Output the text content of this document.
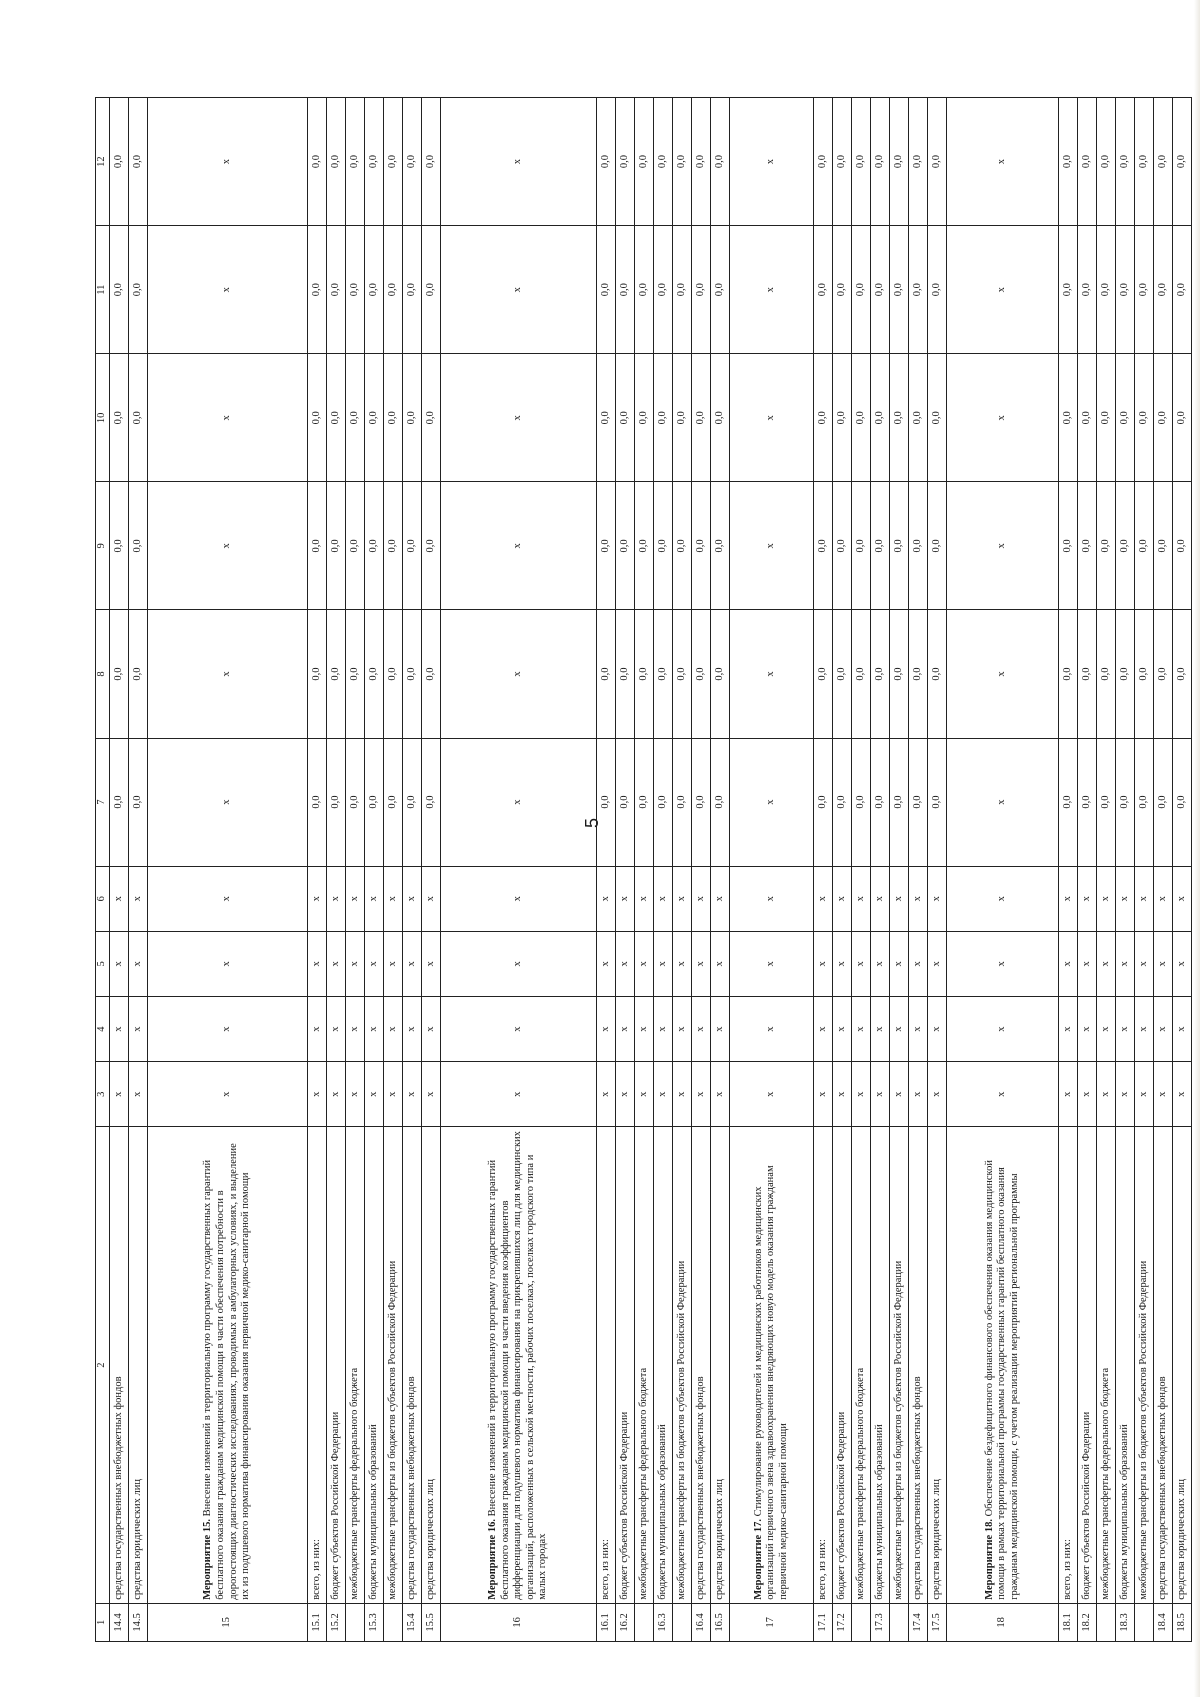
5
1	2	3	4	5	6	7	8	9	10	11	12
14.4	средства государственных внебюджетных фондов	x	x	x	x	0,0	0,0	0,0	0,0	0,0	0,0
14.5	средства юридических лиц	x	x	x	x	0,0	0,0	0,0	0,0	0,0	0,0
15	Мероприятие 15. Внесение изменений в территориальную программу государственных гарантий бесплатного оказания гражданам медицинской помощи в части обеспечения потребности в дорогостоящих диагностических исследованиях, проводимых в амбулаторных условиях, и выделение их из подушевого норматива финансирования оказания первичной медико-санитарной помощи	x	x	x	x	x	x	x	x	x	x
15.1	всего, из них:	x	x	x	x	0,0	0,0	0,0	0,0	0,0	0,0
15.2	бюджет субъектов Российской Федерации	x	x	x	x	0,0	0,0	0,0	0,0	0,0	0,0
	межбюджетные трансферты федерального бюджета	x	x	x	x	0,0	0,0	0,0	0,0	0,0	0,0
15.3	бюджеты муниципальных образований	x	x	x	x	0,0	0,0	0,0	0,0	0,0	0,0
	межбюджетные трансферты из бюджетов субъектов Российской Федерации	x	x	x	x	0,0	0,0	0,0	0,0	0,0	0,0
15.4	средства государственных внебюджетных фондов	x	x	x	x	0,0	0,0	0,0	0,0	0,0	0,0
15.5	средства юридических лиц	x	x	x	x	0,0	0,0	0,0	0,0	0,0	0,0
16	Мероприятие 16. Внесение изменений в территориальную программу государственных гарантий бесплатного оказания гражданам медицинской помощи в части введения коэффициентов дифференциации для подушевого норматива финансирования на прикрепившихся лиц для медицинских организаций, расположенных в сельской местности, рабочих поселках, поселках городского типа и малых городах	x	x	x	x	x	x	x	x	x	x
16.1	всего, из них:	x	x	x	x	0,0	0,0	0,0	0,0	0,0	0,0
16.2	бюджет субъектов Российской Федерации	x	x	x	x	0,0	0,0	0,0	0,0	0,0	0,0
	межбюджетные трансферты федерального бюджета	x	x	x	x	0,0	0,0	0,0	0,0	0,0	0,0
16.3	бюджеты муниципальных образований	x	x	x	x	0,0	0,0	0,0	0,0	0,0	0,0
	межбюджетные трансферты из бюджетов субъектов Российской Федерации	x	x	x	x	0,0	0,0	0,0	0,0	0,0	0,0
16.4	средства государственных внебюджетных фондов	x	x	x	x	0,0	0,0	0,0	0,0	0,0	0,0
16.5	средства юридических лиц	x	x	x	x	0,0	0,0	0,0	0,0	0,0	0,0
17	Мероприятие 17. Стимулирование руководителей и медицинских работников медицинских организаций первичного звена здравоохранения внедряющих новую модель оказания гражданам первичной медико-санитарной помощи	x	x	x	x	x	x	x	x	x	x
17.1	всего, из них:	x	x	x	x	0,0	0,0	0,0	0,0	0,0	0,0
17.2	бюджет субъектов Российской Федерации	x	x	x	x	0,0	0,0	0,0	0,0	0,0	0,0
	межбюджетные трансферты федерального бюджета	x	x	x	x	0,0	0,0	0,0	0,0	0,0	0,0
17.3	бюджеты муниципальных образований	x	x	x	x	0,0	0,0	0,0	0,0	0,0	0,0
	межбюджетные трансферты из бюджетов субъектов Российской Федерации	x	x	x	x	0,0	0,0	0,0	0,0	0,0	0,0
17.4	средства государственных внебюджетных фондов	x	x	x	x	0,0	0,0	0,0	0,0	0,0	0,0
17.5	средства юридических лиц	x	x	x	x	0,0	0,0	0,0	0,0	0,0	0,0
18	Мероприятие 18. Обеспечение бездефицитного финансового обеспечения оказания медицинской помощи в рамках территориальной программы государственных гарантий бесплатного оказания гражданам медицинской помощи, с учетом реализации мероприятий региональной программы	x	x	x	x	x	x	x	x	x	x
18.1	всего, из них:	x	x	x	x	0,0	0,0	0,0	0,0	0,0	0,0
18.2	бюджет субъектов Российской Федерации	x	x	x	x	0,0	0,0	0,0	0,0	0,0	0,0
	межбюджетные трансферты федерального бюджета	x	x	x	x	0,0	0,0	0,0	0,0	0,0	0,0
18.3	бюджеты муниципальных образований	x	x	x	x	0,0	0,0	0,0	0,0	0,0	0,0
	межбюджетные трансферты из бюджетов субъектов Российской Федерации	x	x	x	x	0,0	0,0	0,0	0,0	0,0	0,0
18.4	средства государственных внебюджетных фондов	x	x	x	x	0,0	0,0	0,0	0,0	0,0	0,0
18.5	средства юридических лиц	x	x	x	x	0,0	0,0	0,0	0,0	0,0	0,0
